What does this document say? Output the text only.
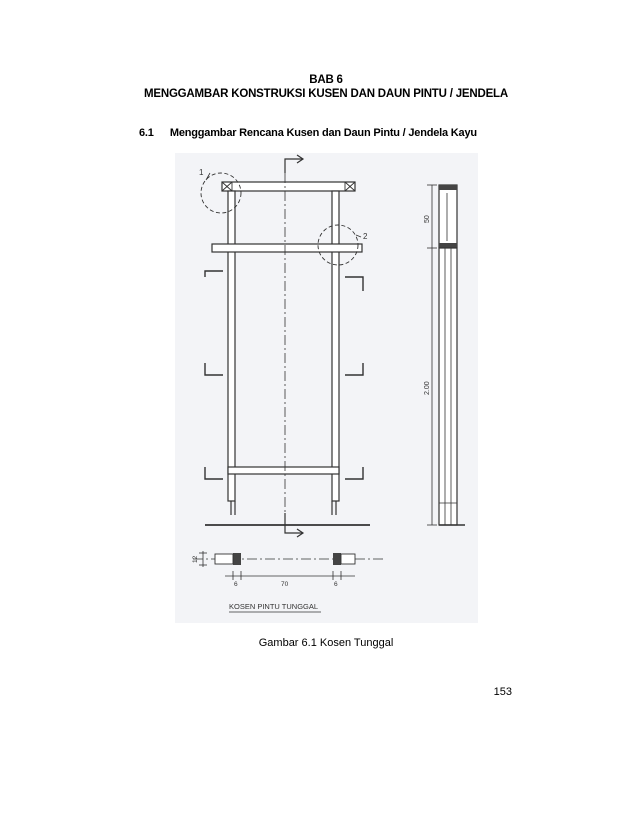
BAB 6
MENGGAMBAR KONSTRUKSI KUSEN DAN DAUN PINTU / JENDELA
6.1 Menggambar Rencana Kusen dan Daun Pintu / Jendela Kayu
1
2
50
2.00
12
6	70	6
KOSEN PINTU TUNGGAL
Gambar 6.1 Kosen Tunggal
153
